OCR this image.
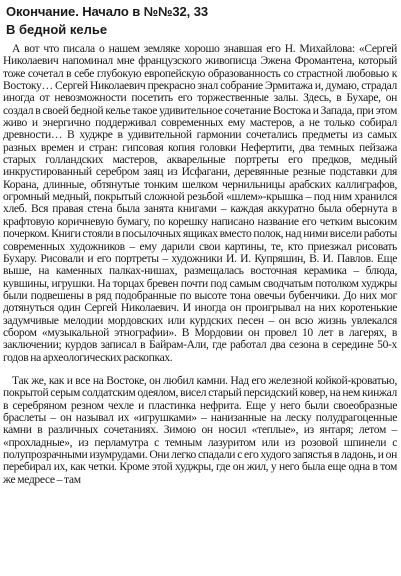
Окончание. Начало в №№32, 33

В бедной келье

А вот что писала о нашем земляке хорошо знавшая его Н. Михайлова: «Сергей Николаевич напоминал мне французского живописца Эжена Фромантена, который тоже сочетал в себе глубокую европейскую образованность со страстной любовью к Востоку… Сергей Николаевич прекрасно знал собрание Эрмитажа и, думаю, страдал иногда от невозможности посетить его торжественные залы. Здесь, в Бухаре, он создал в своей бедной келье такое удивительное сочетание Востока и Запада, при этом живо и энергично поддерживал современных ему мастеров, а не только собирал древности… В худжре в удивительной гармонии сочетались предметы из самых разных времен и стран: гипсовая копия головки Нефертити, два темных пейзажа старых голландских мастеров, акварельные портреты его предков, медный инкрустированный серебром заяц из Исфагани, деревянные резные подставки для Корана, длинные, обтянутые тонким шелком чернильницы арабских каллиграфов, огромный медный, покрытый сложной резьбой «шлем»-крышка – под ним хранился хлеб. Вся правая стена была занята книгами – каждая аккуратно была обернута в крафтовую коричневую бумагу, по корешку написано название его четким высоким почерком. Книги стояли в посылочных ящиках вместо полок, над ними висели работы современных художников – ему дарили свои картины, те, кто приезжал рисовать Бухару. Рисовали и его портреты – художники И. И. Купряшин, В. И. Павлов. Еще выше, на каменных палках-нишах, размещалась восточная керамика – блюда, кувшины, игрушки. На торцах бревен почти под самым сводчатым потолком худжры были подвешены в ряд подобранные по высоте тона овечьи бубенчики. До них мог дотянуться один Сергей Николаевич. И иногда он проигрывал на них коротенькие задумчивые мелодии мордовских или курдских песен – он всю жизнь увлекался сбором «музыкальной этнографии». В Мордовии он провел 10 лет в лагерях, в заключении; курдов записал в Байрам-Али, где работал два сезона в середине 50-х годов на археологических раскопках.

Так же, как и все на Востоке, он любил камни. Над его железной койкой-кроватью, покрытой серым солдатским одеялом, висел старый персидский ковер, на нем кинжал в серебряном резном чехле и пластинка нефрита. Еще у него были своеобразные браслеты – он называл их «игрушками» – нанизанные на леску полудрагоценные камни в различных сочетаниях. Зимою он носил «теплые», из янтаря; летом – «прохладные», из перламутра с темным лазуритом или из розовой шпинели с полупрозрачными изумрудами. Они легко спадали с его худого запястья в ладонь, и он перебирал их, как четки. Кроме этой худжры, где он жил, у него была еще одна в том же медресе – там
